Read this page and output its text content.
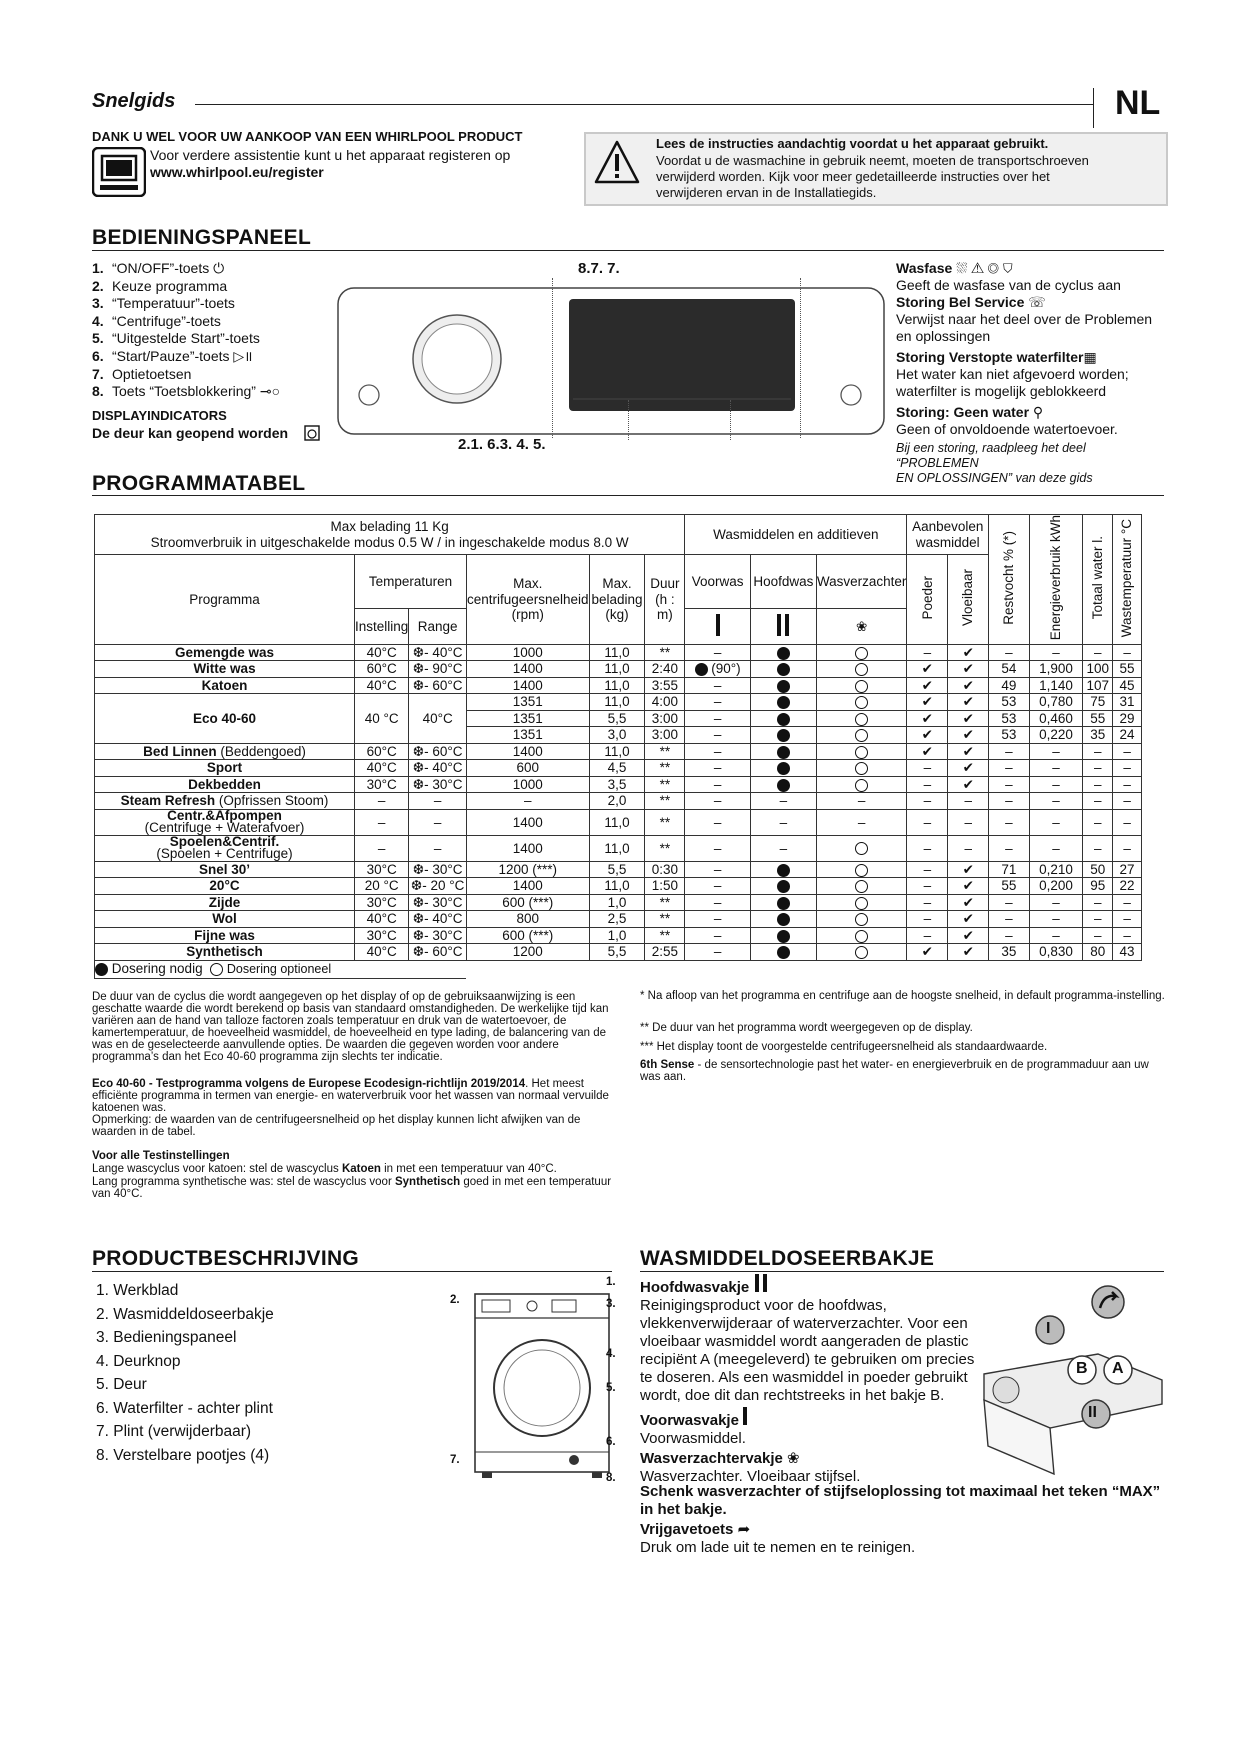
Snelgids	NL
DANK U WEL VOOR UW AANKOOP VAN EEN WHIRLPOOL PRODUCT
Voor verdere assistentie kunt u het apparaat registeren op
www.whirlpool.eu/register
Lees de instructies aandachtig voordat u het apparaat gebruikt.
Voordat u de wasmachine in gebruik neemt, moeten de transportschroeven
verwijderd worden. Kijk voor meer gedetailleerde instructies over het
verwijderen ervan in de Installatiegids.
BEDIENINGSPANEEL
1. “ON/OFF”-toets ⏻
2. Keuze programma
3. “Temperatuur”-toets
4. “Centrifuge”-toets
5. “Uitgestelde Start”-toets
6. “Start/Pauze”-toets ▷॥
7. Optietoetsen
8. Toets “Toetsblokkering” ⊸○
DISPLAYINDICATORS
De deur kan geopend worden
8.7. 7.
2.1. 6.3. 4. 5.
Wasfase ⛆ ⚠ ◎ ⛉
Geeft de wasfase van de cyclus aan
Storing Bel Service ☏
Verwijst naar het deel over de Problemen
en oplossingen
Storing Verstopte waterfilter▦
Het water kan niet afgevoerd worden;
waterfilter is mogelijk geblokkeerd
Storing: Geen water ⚲
Geen of onvoldoende watertoevoer.
Bij een storing, raadpleeg het deel “PROBLEMEN
EN OPLOSSINGEN” van deze gids
PROGRAMMATABEL
Max belading 11 Kg
Stroomverbruik in uitgeschakelde modus 0.5 W / in ingeschakelde modus 8.0 W						Wasmiddelen en additieven			Aanbevolen wasmiddel		Restvocht % (*)	Energieverbruik kWh	Totaal water l.	Wastemperatuur °C
Programma	Temperaturen		Max. centrifugeersnelheid (rpm)	Max. belading (kg)	Duur (h : m)	Voorwas	Hoofdwas	Wasverzachter	Poeder	Vloeibaar				
	Instelling	Range						❀						
Gemengde was	40°C	❆- 40°C	1000	11,0	**	–			–	✔	–	–	–	–
Witte was	60°C	❆- 90°C	1400	11,0	2:40	(90°)			✔	✔	54	1,900	100	55
Katoen	40°C	❆- 60°C	1400	11,0	3:55	–			✔	✔	49	1,140	107	45
Eco 40-60	40 °C	40°C	1351	11,0	4:00	–			✔	✔	53	0,780	75	31
			1351	5,5	3:00	–			✔	✔	53	0,460	55	29
			1351	3,0	3:00	–			✔	✔	53	0,220	35	24
Bed Linnen (Beddengoed)	60°C	❆- 60°C	1400	11,0	**	–			✔	✔	–	–	–	–
Sport	40°C	❆- 40°C	600	4,5	**	–			–	✔	–	–	–	–
Dekbedden	30°C	❆- 30°C	1000	3,5	**	–			–	✔	–	–	–	–
Steam Refresh (Opfrissen Stoom)	–	–	–	2,0	**	–	–	–	–	–	–	–	–	–
Centr.&Afpompen
(Centrifuge + Waterafvoer)	–	–	1400	11,0	**	–	–	–	–	–	–	–	–	–
Spoelen&Centrif.
(Spoelen + Centrifuge)	–	–	1400	11,0	**	–	–		–	–	–	–	–	–
Snel 30’	30°C	❆- 30°C	1200 (***)	5,5	0:30	–			–	✔	71	0,210	50	27
20°C	20 °C	❆- 20 °C	1400	11,0	1:50	–			–	✔	55	0,200	95	22
Zijde	30°C	❆- 30°C	600 (***)	1,0	**	–			–	✔	–	–	–	–
Wol	40°C	❆- 40°C	800	2,5	**	–			–	✔	–	–	–	–
Fijne was	30°C	❆- 30°C	600 (***)	1,0	**	–			–	✔	–	–	–	–
Synthetisch	40°C	❆- 60°C	1200	5,5	2:55	–			✔	✔	35	0,830	80	43
Dosering nodig Dosering optioneel														
De duur van de cyclus die wordt aangegeven op het display of op de gebruiksaanwijzing is een geschatte waarde die wordt berekend op basis van standaard omstandigheden. De werkelijke tijd kan variëren aan de hand van talloze factoren zoals temperatuur en druk van de watertoevoer, de kamertemperatuur, de hoeveelheid wasmiddel, de hoeveelheid en type lading, de balancering van de was en de geselecteerde aanvullende opties. De waarden die gegeven worden voor andere programma’s dan het Eco 40-60 programma zijn slechts ter indicatie.
Eco 40-60 - Testprogramma volgens de Europese Ecodesign-richtlijn 2019/2014. Het meest efficiënte programma in termen van energie- en waterverbruik voor het wassen van normaal vervuilde katoenen was.
Opmerking: de waarden van de centrifugeersnelheid op het display kunnen licht afwijken van de waarden in de tabel.
Voor alle Testinstellingen
Lange wascyclus voor katoen: stel de wascyclus Katoen in met een temperatuur van 40°C.
Lang programma synthetische was: stel de wascyclus voor Synthetisch goed in met een temperatuur van 40°C.
* Na afloop van het programma en centrifuge aan de hoogste snelheid, in default programma-instelling.
** De duur van het programma wordt weergegeven op de display.
*** Het display toont de voorgestelde centrifugeersnelheid als standaardwaarde.
6th Sense - de sensortechnologie past het water- en energieverbruik en de programmaduur aan uw was aan.
PRODUCTBESCHRIJVING
1. Werkblad
2. Wasmiddeldoseerbakje
3. Bedieningspaneel
4. Deurknop
5. Deur
6. Waterfilter - achter plint
7. Plint (verwijderbaar)
8. Verstelbare pootjes (4)
2.
7.
1.
3.
4.
5.
6.
8.
WASMIDDELDOSEERBAKJE
Hoofdwasvakje
Reinigingsproduct voor de hoofdwas,
vlekkenverwijderaar of waterverzachter. Voor een
vloeibaar wasmiddel wordt aangeraden de plastic
recipiënt A (meegeleverd) te gebruiken om precies
te doseren. Als een wasmiddel in poeder gebruikt
wordt, doe dit dan rechtstreeks in het bakje B.
Voorwasvakje
Voorwasmiddel.
Wasverzachtervakje ❀
Wasverzachter. Vloeibaar stijfsel.
Schenk wasverzachter of stijfseloplossing tot maximaal het teken “MAX” in het bakje.
Vrijgavetoets ➦
Druk om lade uit te nemen en te reinigen.
I
B A
II
